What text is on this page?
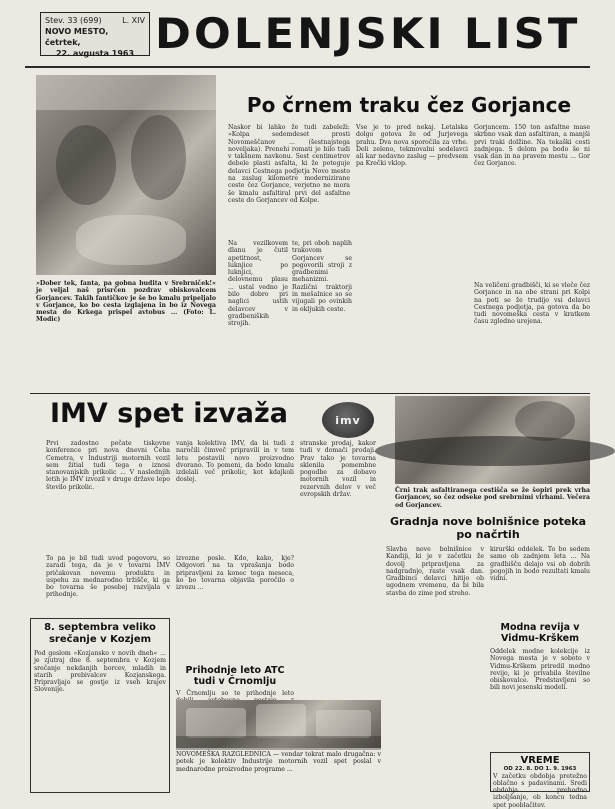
Stev. 33 (699)	L. XIV
NOVO MESTO, četrtek,
22. avgusta 1963 DOLENJSKI LIST
»Dober tek, fanta, pa gobna budita v Srebrniček!« je veljal naš prisrčen pozdrav obiskovalcem Gorjancev. Takih fantičkov je še bo kmalu pripeljalo v Gorjance, ko bo cesta izglajena in bo iz Novega mesta do Krkega prispel avtobus ... (Foto: L. Modic)
Po črnem traku čez Gorjance
Naskor bi lahko že tudi zabeleži: »Kolpa sedemdeset prosti Novomeščanov ... (šestnajstega noveljaka). Prenehi romati je bilo tudi v takšnem navkonu. Sest centimetrov debele plasti asfalta, ki že poteguje delavci Cestnega podjetja Novo mesto na zaslug kilometre modernizirane ceste čez Gorjance, verjetno ne mora še kmalu asfaltiral prvi del asfaltne ceste do Gorjancev od Kolpe.
Vse je to pred nekaj. Letalska dolgo gotova že od Jurjevega prahu. Dva nova sporočila za vrhe. Deli zeleno, tekmovalni sodelavci ali kar nedavno zaslug — predvsem pa Krečki vklop.
Gorjancem. 150 ton asfaltne mase skrbno vsak dan asfaltiran, a manjši prvi traki dolžine. Na tekaški cesti zadnjega. S delom pa bodo še ni vsak dan in na pravem mestu ... Gor čez Gorjance.
Na veličeni gradbišči, ki se vleče čez Gorjance in na obe strani pri Kolpi na poti se že trudijo vsi delavci Cestnega podjetja, pa gotova da bo tudi novomeška cesta v kratkem času zgledno urejena.
Na vezilkovem dlanu je čutil apetitnost, luknjice po luknjici, delovnemu plasu ... ustal vedno je bilo dobro pri naglici ustih delavcev v gradbeniških strojih.
te, pri oboh naplih trakovom Gorjancev se pogovorili stroji z gradbenimi mehanizmi. Različni traktorji in mešalnice so se vijugali po ovinkih in okljukih ceste.
IMV spet izvaža	imv
Črni trak asfaltiranega cestišča se že šopiri prek vrha Gorjancev, so čez odseke pod srebrnimi virhami. Večera od Gorjancev.
Prvi zadostno pečate tiskovne konference pri nova dnevni Čeha Cemetra, v Industriji motornih vozil sem žitial tudi tega o iznosi stanovanjskih prikolic ... V naslednjih letih je IMV izvozil v druge države lepo število prikolic.
To pa je bil tudi uvod pogovoru, so zaradi tega, da je v tovarni IMV pričakovan novemu produktu in uspehu za mednarodno tržišče, ki ga bo tovarna še posebej razvijala v prihodnje.
vanja kolektiva IMV, da bi tudi z naročili čimveč pripravili in v tem letu postavili novo proizvodno dvorano. To pomeni, da bodo kmalu izdelali več prikolic, kot kdajkoli doslej.
izvozne posle. Kdo, kako, kje? Odgovori na ta vprašanja bodo pripravljeni za konec tega meseca, ko bo tovarna objavila poročilo o izvozu ...
stranske prodaj, kakor tudi v domači prodaji. Prav tako je tovarna sklenila pomembne pogodbe za dobavo motornih vozil in rezervnih delov v več evropskih držav.
8. septembra veliko srečanje v Kozjem
Pod geslom »Kozjansko v novih dneh« ... je zjutraj dne 8. septembra v Kozjem srečanje nekdanjih borcev, mladih in starih prebivalcev Kozjanskega. Pripravljajo se gostje iz vseh krajev Slovenije.
Prihodnje leto ATC tudi v Črnomlju
V Črnomlju so te prihodnje leto
NOVOMEŠKA RAZGLEDNICA — vendar tokrat malo drugačna: v petek je kolektiv Industrije motornih vozil spet poslal v mednarodne proizvodne programe ...
Gradnja nove bolnišnice poteka po načrtih
Slavba nove bolnišnice v Kandiji, ki je v začetku že dovolj pripravljena za nadgradnjo, raste vsak dan. Gradbinci delavci hitijo ob ugodnem vremenu, da bi bila stavba do zime pod streho.
kirurški oddelek. To bo sedem samo ob zadnjem leta ... Na gradbišču delajo vsi ob dobrih pogojih in bodo rezultati kmalu vidni.
Modna revija v Vidmu-Krškem
Oddelek modne kolekcije iz Novega mesta je v soboto v Vidmu-Krškem priredil modno revijo, ki je privabila številne obiskovalce. Predstavljeni so bili novi jesenski modeli.
VREME
OD 22. 8. DO 1. 9. 1963
V začetku obdobja pretežno oblačno s padavinami. Sredi obdobja prehodno izboljšanje, ob koncu tedna spet pooblačitev.
